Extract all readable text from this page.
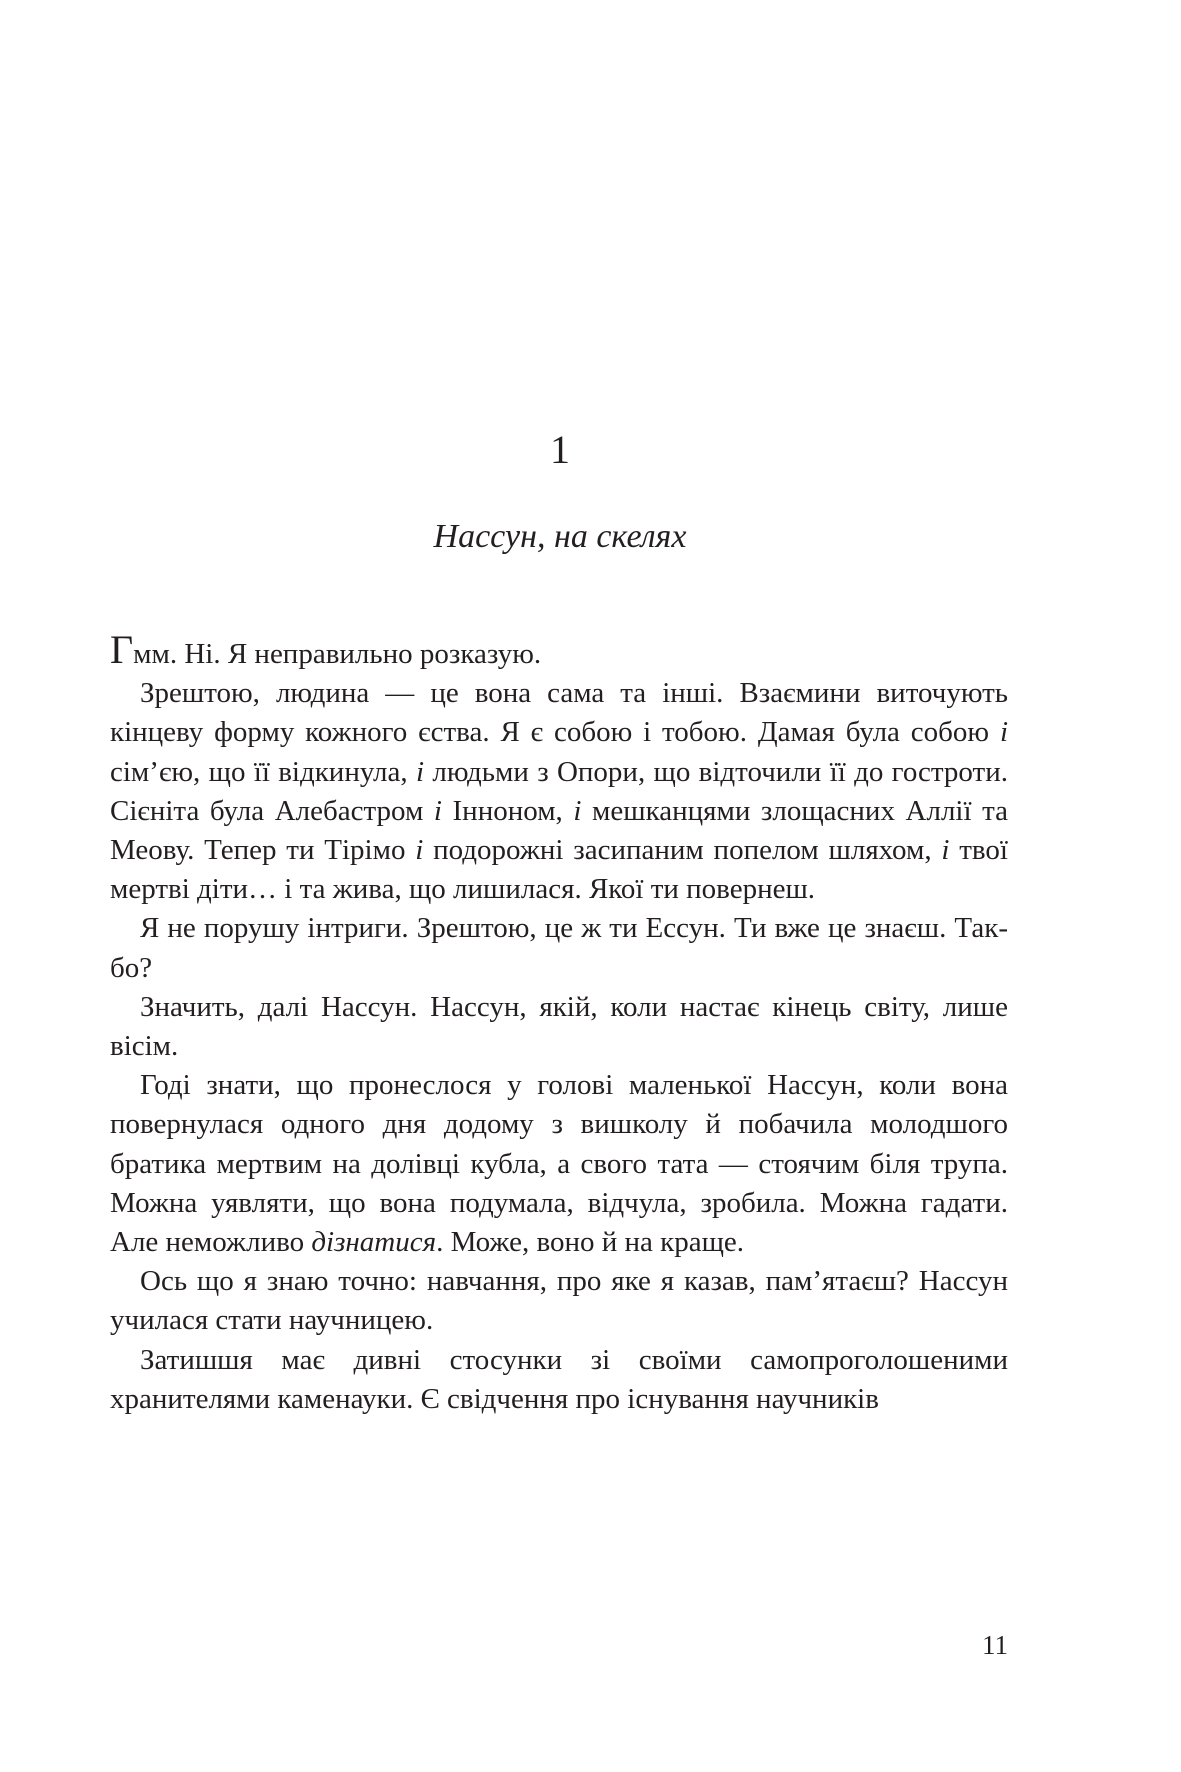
1
Нассун, на скелях

Гмм. Ні. Я неправильно розказую.

Зрештою, людина — це вона сама та інші. Взаємини виточують кінцеву форму кожного єства. Я є собою і тобою. Дамая була собою і сім’єю, що її відкинула, і людьми з Опори, що відточили її до гостроти. Сієніта була Алебастром і Інноном, і мешканцями злощасних Аллії та Меову. Тепер ти Тірімо і подорожні засипаним попелом шляхом, і твої мертві діти… і та жива, що лишилася. Якої ти повернеш.

Я не порушу інтриги. Зрештою, це ж ти Ессун. Ти вже це знаєш. Так-бо?

Значить, далі Нассун. Нассун, якій, коли настає кінець світу, лише вісім.

Годі знати, що пронеслося у голові маленької Нассун, коли вона повернулася одного дня додому з вишколу й побачила молодшого братика мертвим на долівці кубла, а свого тата — стоячим біля трупа. Можна уявляти, що вона подумала, відчула, зробила. Можна гадати. Але неможливо дізнатися. Може, воно й на краще.

Ось що я знаю точно: навчання, про яке я казав, пам’ятаєш? Нассун училася стати научницею.

Затишшя має дивні стосунки зі своїми самопроголошеними хранителями каменауки. Є свідчення про існування научників

11
